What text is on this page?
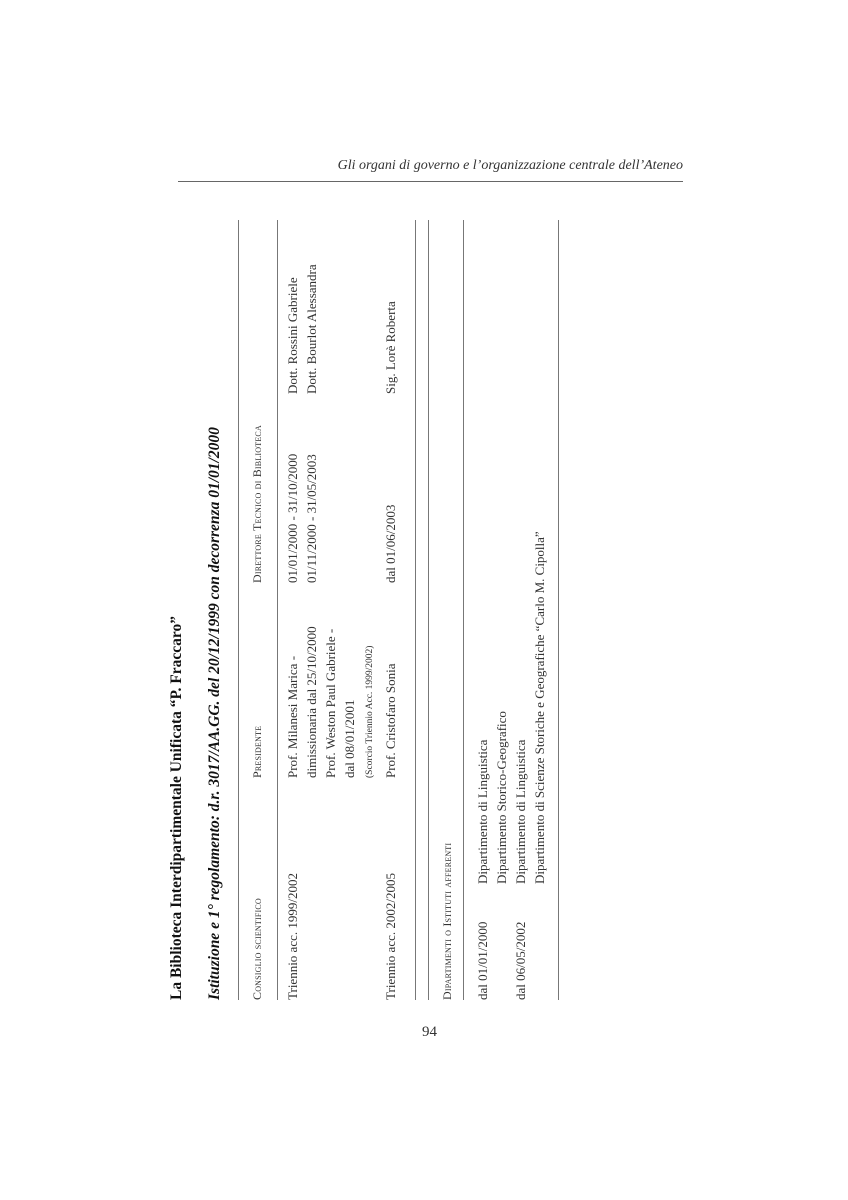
Gli organi di governo e l’organizzazione centrale dell’Ateneo
La Biblioteca Interdipartimentale Unificata “P. Fraccaro” Istituzione e 1° regolamento: d.r. 3017/AA.GG. del 20/12/1999 con decorrenza 01/01/2000 Consiglio scientifico
Presidente
Direttore Tecnico di Biblioteca
Triennio acc. 1999/2002
Prof. Milanesi Marica - dimissionaria dal 25/10/2000 Prof. Weston Paul Gabriele - dal 08/01/2001 (Scorcio Triennio Acc. 1999/2002)
01/01/2000 - 31/10/2000 01/11/2000 - 31/05/2003
Dott. Rossini Gabriele Dott. Bourlot Alessandra
Triennio acc. 2002/2005
Prof. Cristofaro Sonia
dal 01/06/2003
Sig. Lorè Roberta
Dipartimenti o Istituti afferenti dal 01/01/2000
Dipartimento di Linguistica Dipartimento Storico-Geografico
dal 06/05/2002
Dipartimento di Linguistica Dipartimento di Scienze Storiche e Geografiche “Carlo M. Cipolla”
94
